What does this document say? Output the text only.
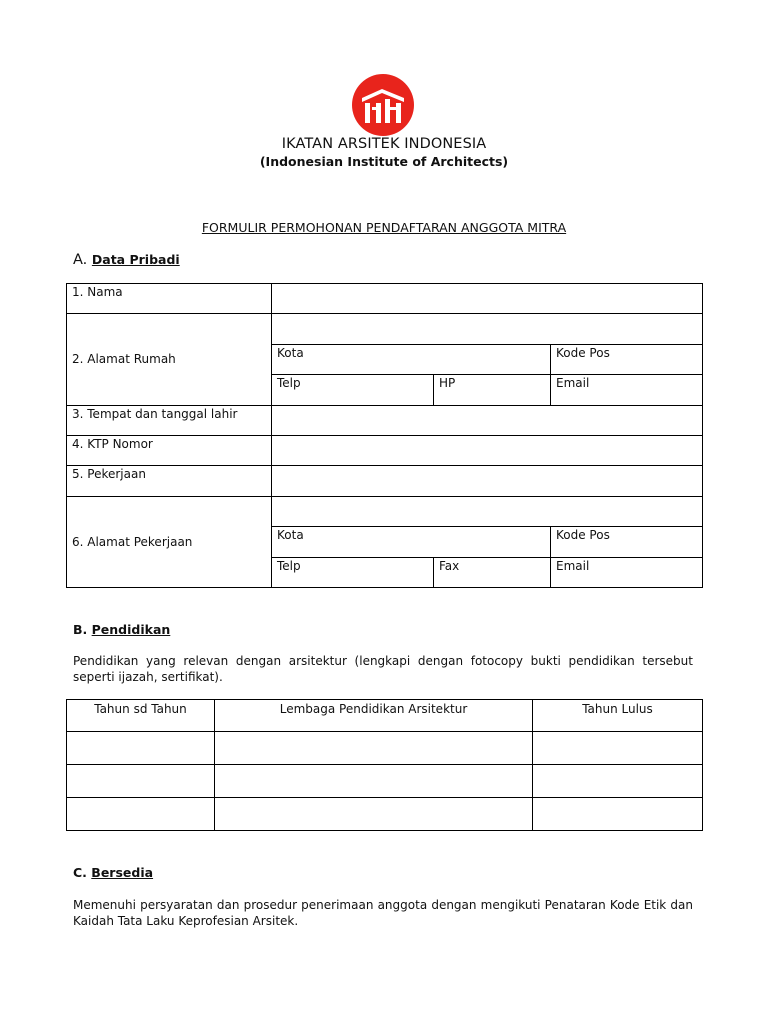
IKATAN ARSITEK INDONESIA
(Indonesian Institute of Architects)
FORMULIR PERMOHONAN PENDAFTARAN ANGGOTA MITRA
A. Data Pribadi
1. Nama			
2. Alamat Rumah			
	Kota		Kode Pos
	Telp	HP	Email
3. Tempat dan tanggal lahir			
4. KTP Nomor			
5. Pekerjaan			
6. Alamat Pekerjaan			
	Kota		Kode Pos
	Telp	Fax	Email
B. Pendidikan
Pendidikan yang relevan dengan arsitektur (lengkapi dengan fotocopy bukti pendidikan tersebut seperti ijazah, sertifikat).
Tahun sd Tahun	Lembaga Pendidikan Arsitektur	Tahun Lulus

C. Bersedia
Memenuhi persyaratan dan prosedur penerimaan anggota dengan mengikuti Penataran Kode Etik dan Kaidah Tata Laku Keprofesian Arsitek.
